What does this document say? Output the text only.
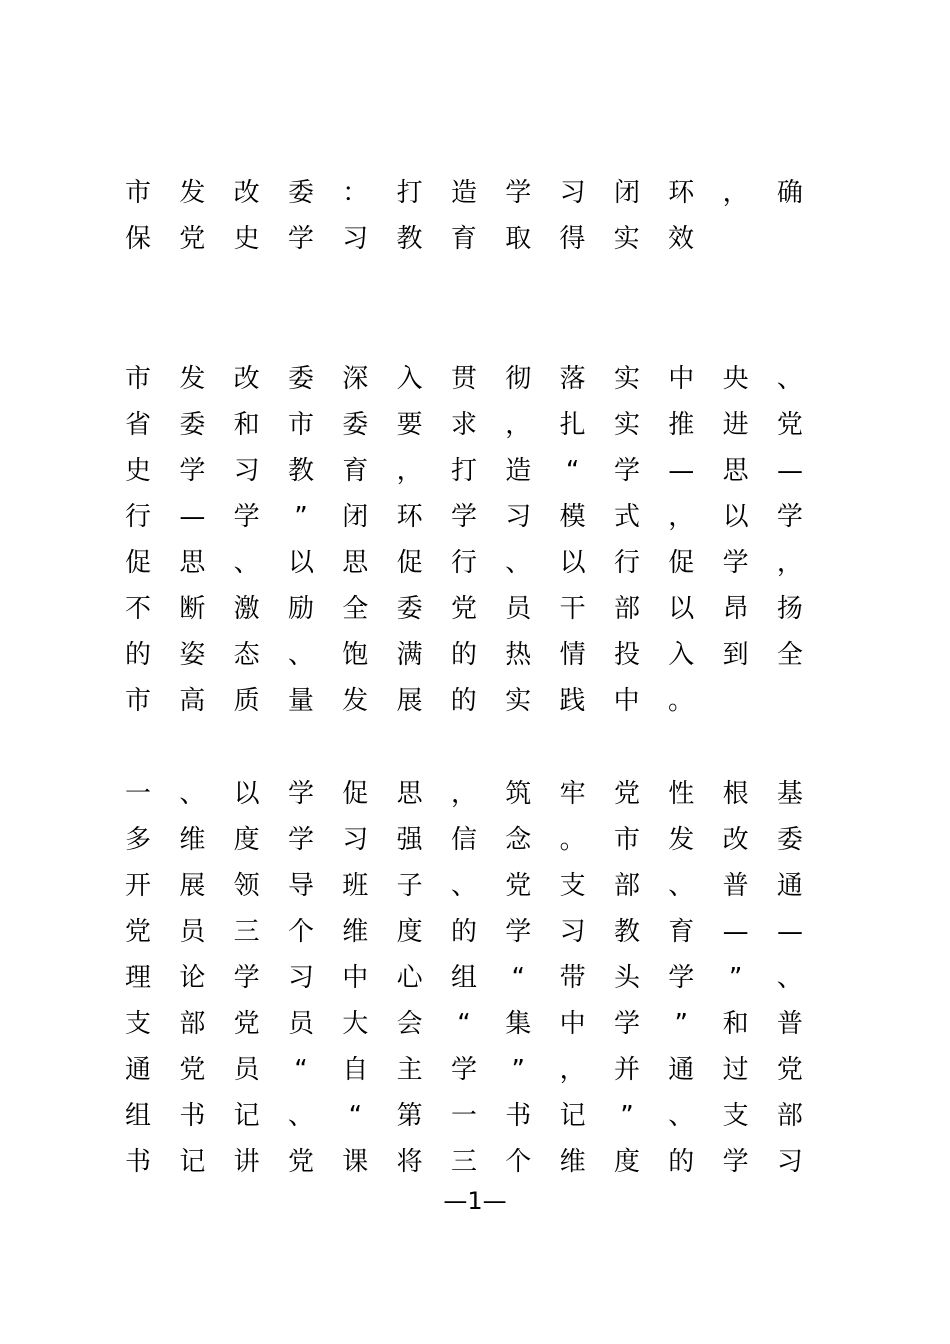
市 发 改 委 ： 打 造 学 习 闭 环 ， 确
保 党 史 学 习 教 育 取 得 实 效
市 发 改 委 深 入 贯 彻 落 实 中 央 、
省 委 和 市 委 要 求 ， 扎 实 推 进 党
史 学 习 教 育 ， 打 造 “ 学 — 思 —
行 — 学 ” 闭 环 学 习 模 式 ， 以 学
促 思 、 以 思 促 行 、 以 行 促 学 ，
不 断 激 励 全 委 党 员 干 部 以 昂 扬
的 姿 态 、 饱 满 的 热 情 投 入 到 全
市 高 质 量 发 展 的 实 践 中 。
一 、 以 学 促 思 ， 筑 牢 党 性 根 基
多 维 度 学 习 强 信 念 。 市 发 改 委
开 展 领 导 班 子 、 党 支 部 、 普 通
党 员 三 个 维 度 的 学 习 教 育 — —
理 论 学 习 中 心 组 “ 带 头 学 ” 、
支 部 党 员 大 会 “ 集 中 学 ” 和 普
通 党 员 “ 自 主 学 ” ， 并 通 过 党
组 书 记 、 “ 第 一 书 记 ” 、 支 部
书 记 讲 党 课 将 三 个 维 度 的 学 习
—1—
